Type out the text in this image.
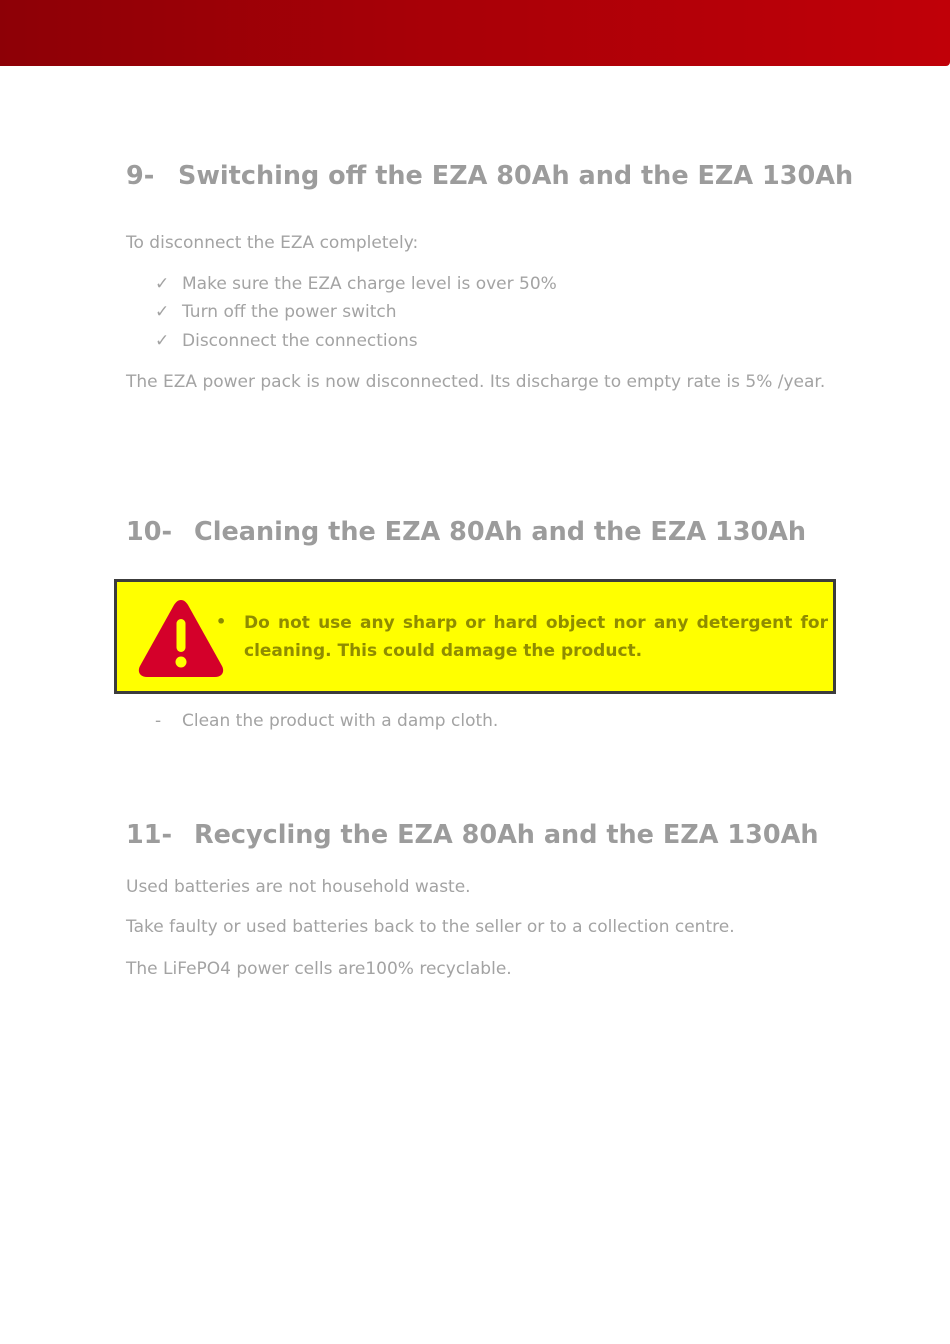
9- Switching off the EZA 80Ah and the EZA 130Ah

To disconnect the EZA completely:

✓ Make sure the EZA charge level is over 50%

✓ Turn off the power switch

✓ Disconnect the connections

The EZA power pack is now disconnected. Its discharge to empty rate is 5% /year.

10- Cleaning the EZA 80Ah and the EZA 130Ah
• Do not use any sharp or hard object nor any detergent for cleaning. This could damage the product.

- Clean the product with a damp cloth.

11- Recycling the EZA 80Ah and the EZA 130Ah

Used batteries are not household waste.

Take faulty or used batteries back to the seller or to a collection centre.

The LiFePO4 power cells are100% recyclable.
